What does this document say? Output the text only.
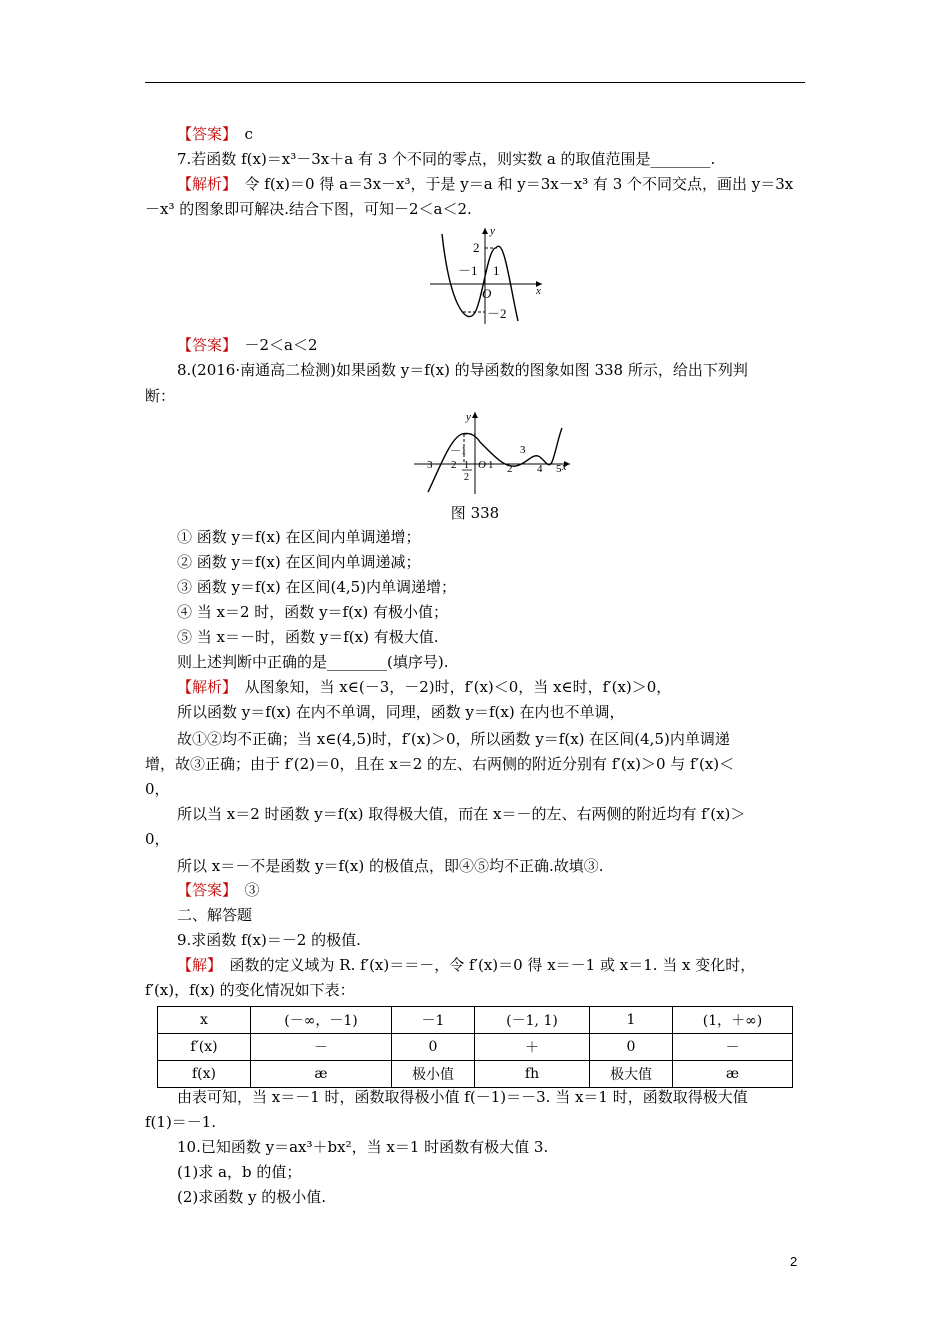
【答案】　c
7.若函数 f(x)＝x³－3x＋a 有 3 个不同的零点，则实数 a 的取值范围是________.
【解析】　令 f(x)＝0 得 a＝3x－x³，于是 y＝a 和 y＝3x－x³ 有 3 个不同交点，画出 y＝3x
－x³ 的图象即可解决.结合下图，可知－2＜a＜2.
y
x
2
－1 1
O
－2
【答案】　－2＜a＜2
8.(2016·南通高二检测)如果函数 y＝f(x) 的导函数的图象如图 338 所示，给出下列判
断：
y
x
－3 －2
－1
1
2
O 1 2
3
4 5
图 338
① 函数 y＝f(x) 在区间内单调递增；
② 函数 y＝f(x) 在区间内单调递减；
③ 函数 y＝f(x) 在区间(4,5)内单调递增；
④ 当 x＝2 时，函数 y＝f(x) 有极小值；
⑤ 当 x＝－时，函数 y＝f(x) 有极大值.
则上述判断中正确的是________(填序号).
【解析】　从图象知，当 x∈(－3，－2)时，f′(x)＜0，当 x∈时，f′(x)＞0，
所以函数 y＝f(x) 在内不单调，同理，函数 y＝f(x) 在内也不单调，
故①②均不正确；当 x∈(4,5)时，f′(x)＞0，所以函数 y＝f(x) 在区间(4,5)内单调递
增，故③正确；由于 f′(2)＝0，且在 x＝2 的左、右两侧的附近分别有 f′(x)＞0 与 f′(x)＜
0，
所以当 x＝2 时函数 y＝f(x) 取得极大值，而在 x＝－的左、右两侧的附近均有 f′(x)＞
0，
所以 x＝－不是函数 y＝f(x) 的极值点，即④⑤均不正确.故填③.
【答案】　③
二、解答题
9.求函数 f(x)＝－2 的极值.
【解】　函数的定义域为 R. f′(x)＝＝－，令 f′(x)＝0 得 x＝－1 或 x＝1. 当 x 变化时，
f′(x)，f(x) 的变化情况如下表：
x	(－∞，－1)	－1	(－1, 1)	1	(1，＋∞)
f′(x)	－	0	＋	0	－
f(x)	æ	极小值	fh	极大值	æ
由表可知，当 x＝－1 时，函数取得极小值 f(－1)＝－3. 当 x＝1 时，函数取得极大值
f(1)＝－1.
10.已知函数 y＝ax³＋bx²，当 x＝1 时函数有极大值 3.
(1)求 a，b 的值；
(2)求函数 y 的极小值.
2
